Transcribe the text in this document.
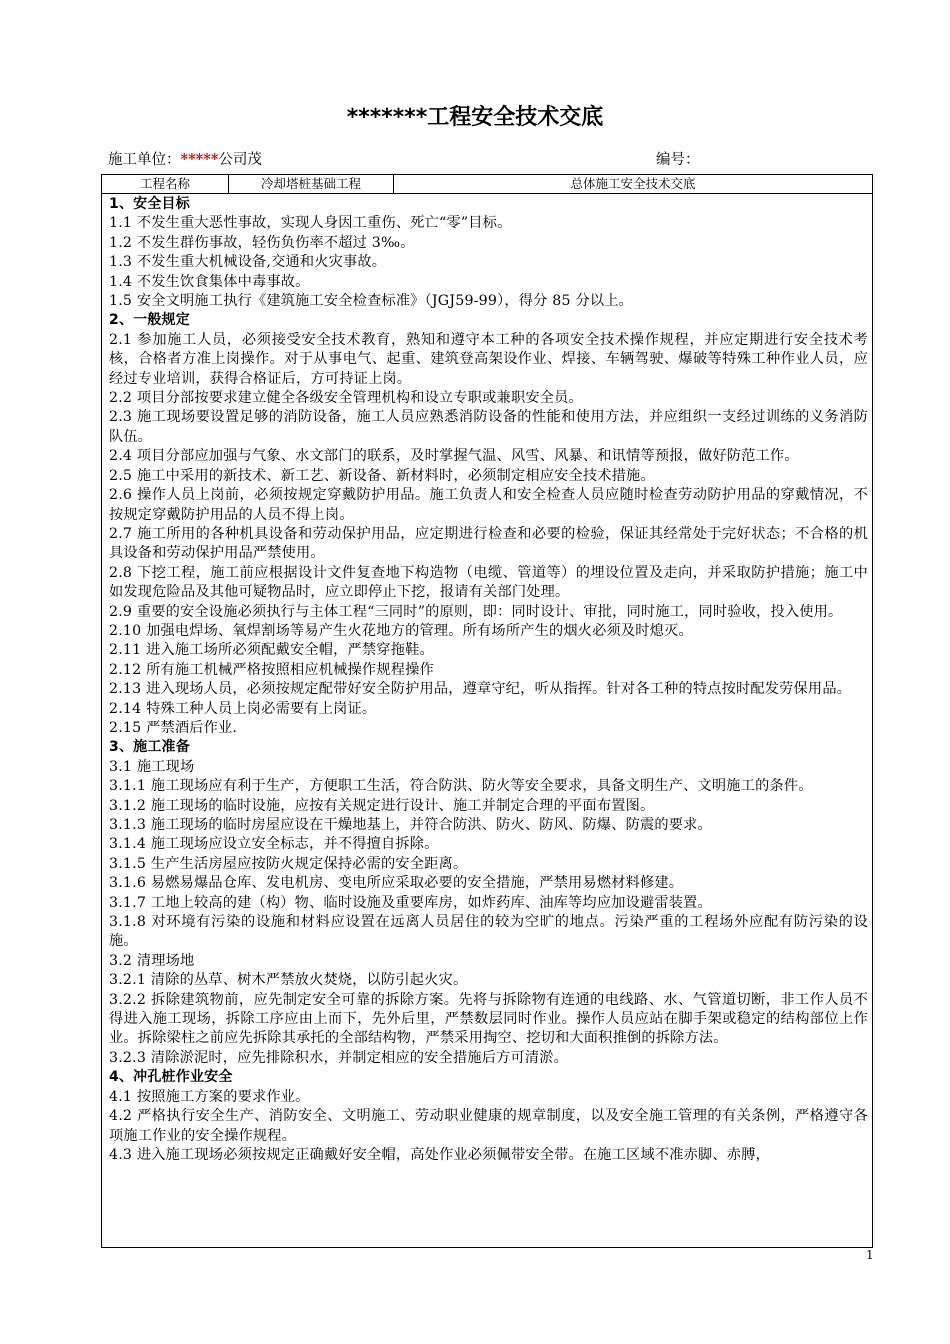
*******工程安全技术交底
施工单位：*****公司茂	编号：
工程名称	冷却塔桩基础工程	总体施工安全技术交底

1、安全目标

1.1 不发生重大恶性事故，实现人身因工重伤、死亡“零”目标。

1.2 不发生群伤事故，轻伤负伤率不超过 3‰。

1.3 不发生重大机械设备,交通和火灾事故。

1.4 不发生饮食集体中毒事故。

1.5 安全文明施工执行《建筑施工安全检查标准》（JGJ59-99），得分 85 分以上。

2、一般规定

2.1 参加施工人员，必须接受安全技术教育，熟知和遵守本工种的各项安全技术操作规程，并应定期进行安全技术考核，合格者方准上岗操作。对于从事电气、起重、建筑登高架设作业、焊接、车辆驾驶、爆破等特殊工种作业人员，应经过专业培训，获得合格证后，方可持证上岗。

2.2 项目分部按要求建立健全各级安全管理机构和设立专职或兼职安全员。

2.3 施工现场要设置足够的消防设备，施工人员应熟悉消防设备的性能和使用方法，并应组织一支经过训练的义务消防队伍。

2.4 项目分部应加强与气象、水文部门的联系，及时掌握气温、风雪、风暴、和讯情等预报，做好防范工作。

2.5 施工中采用的新技术、新工艺、新设备、新材料时，必须制定相应安全技术措施。

2.6 操作人员上岗前，必须按规定穿戴防护用品。施工负责人和安全检查人员应随时检查劳动防护用品的穿戴情况，不按规定穿戴防护用品的人员不得上岗。

2.7 施工所用的各种机具设备和劳动保护用品，应定期进行检查和必要的检验，保证其经常处于完好状态；不合格的机具设备和劳动保护用品严禁使用。

2.8 下挖工程，施工前应根据设计文件复查地下构造物（电缆、管道等）的埋设位置及走向，并采取防护措施；施工中如发现危险品及其他可疑物品时，应立即停止下挖，报请有关部门处理。

2.9 重要的安全设施必须执行与主体工程“三同时”的原则，即：同时设计、审批，同时施工，同时验收，投入使用。

2.10 加强电焊场、氧焊割场等易产生火花地方的管理。所有场所产生的烟火必须及时熄灭。

2.11 进入施工场所必须配戴安全帽，严禁穿拖鞋。

2.12 所有施工机械严格按照相应机械操作规程操作

2.13 进入现场人员，必须按规定配带好安全防护用品，遵章守纪，听从指挥。针对各工种的特点按时配发劳保用品。

2.14 特殊工种人员上岗必需要有上岗证。

2.15 严禁酒后作业.

3、施工准备

3.1 施工现场

3.1.1 施工现场应有利于生产，方便职工生活，符合防洪、防火等安全要求，具备文明生产、文明施工的条件。

3.1.2 施工现场的临时设施，应按有关规定进行设计、施工并制定合理的平面布置图。

3.1.3 施工现场的临时房屋应设在干燥地基上，并符合防洪、防火、防风、防爆、防震的要求。

3.1.4 施工现场应设立安全标志，并不得擅自拆除。

3.1.5 生产生活房屋应按防火规定保持必需的安全距离。

3.1.6 易燃易爆品仓库、发电机房、变电所应采取必要的安全措施，严禁用易燃材料修建。

3.1.7 工地上较高的建（构）物、临时设施及重要库房，如炸药库、油库等均应加设避雷装置。

3.1.8 对环境有污染的设施和材料应设置在远离人员居住的较为空旷的地点。污染严重的工程场外应配有防污染的设施。

3.2 清理场地

3.2.1 清除的丛草、树木严禁放火焚烧，以防引起火灾。

3.2.2 拆除建筑物前，应先制定安全可靠的拆除方案。先将与拆除物有连通的电线路、水、气管道切断，非工作人员不得进入施工现场，拆除工序应由上而下，先外后里，严禁数层同时作业。操作人员应站在脚手架或稳定的结构部位上作业。拆除梁柱之前应先拆除其承托的全部结构物，严禁采用掏空、挖切和大面积推倒的拆除方法。

3.2.3 清除淤泥时，应先排除积水，并制定相应的安全措施后方可清淤。

4、冲孔桩作业安全

4.1 按照施工方案的要求作业。

4.2 严格执行安全生产、消防安全、文明施工、劳动职业健康的规章制度，以及安全施工管理的有关条例，严格遵守各项施工作业的安全操作规程。

4.3 进入施工现场必须按规定正确戴好安全帽，高处作业必须佩带安全带。在施工区域不准赤脚、赤膊，

1
